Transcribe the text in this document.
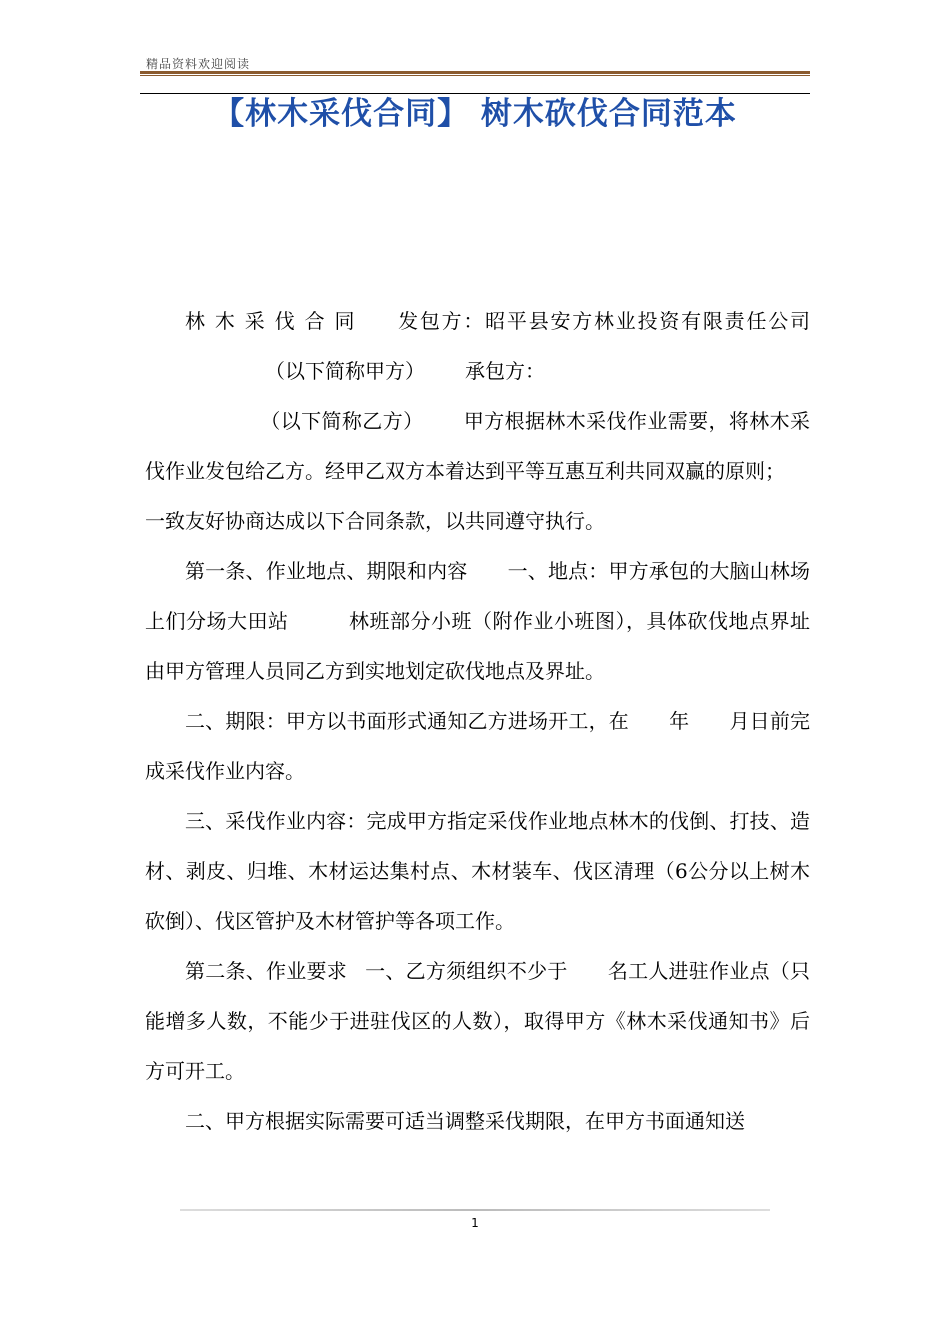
精品资料欢迎阅读
【林木采伐合同】 树木砍伐合同范本

林 木 采 伐 合 同 发包方：昭平县安方林业投资有限责任公司（以下简称甲方） 承包方：

（以下简称乙方） 甲方根据林木采伐作业需要，将林木采伐作业发包给乙方。经甲乙双方本着达到平等互惠互利共同双赢的原则；

一致友好协商达成以下合同条款，以共同遵守执行。

第一条、作业地点、期限和内容 一、地点：甲方承包的大脑山林场上们分场大田站	林班部分小班（附作业小班图），具体砍伐地点界址由甲方管理人员同乙方到实地划定砍伐地点及界址。

二、期限：甲方以书面形式通知乙方进场开工，在 年 月日前完成采伐作业内容。

三、采伐作业内容：完成甲方指定采伐作业地点林木的伐倒、打技、造材、剥皮、归堆、木材运达集村点、木材装车、伐区清理（6公分以上树木砍倒）、伐区管护及木材管护等各项工作。

第二条、作业要求 一、乙方须组织不少于 名工人进驻作业点（只能增多人数，不能少于进驻伐区的人数），取得甲方《林木采伐通知书》后方可开工。

二、甲方根据实际需要可适当调整采伐期限，在甲方书面通知送

1
